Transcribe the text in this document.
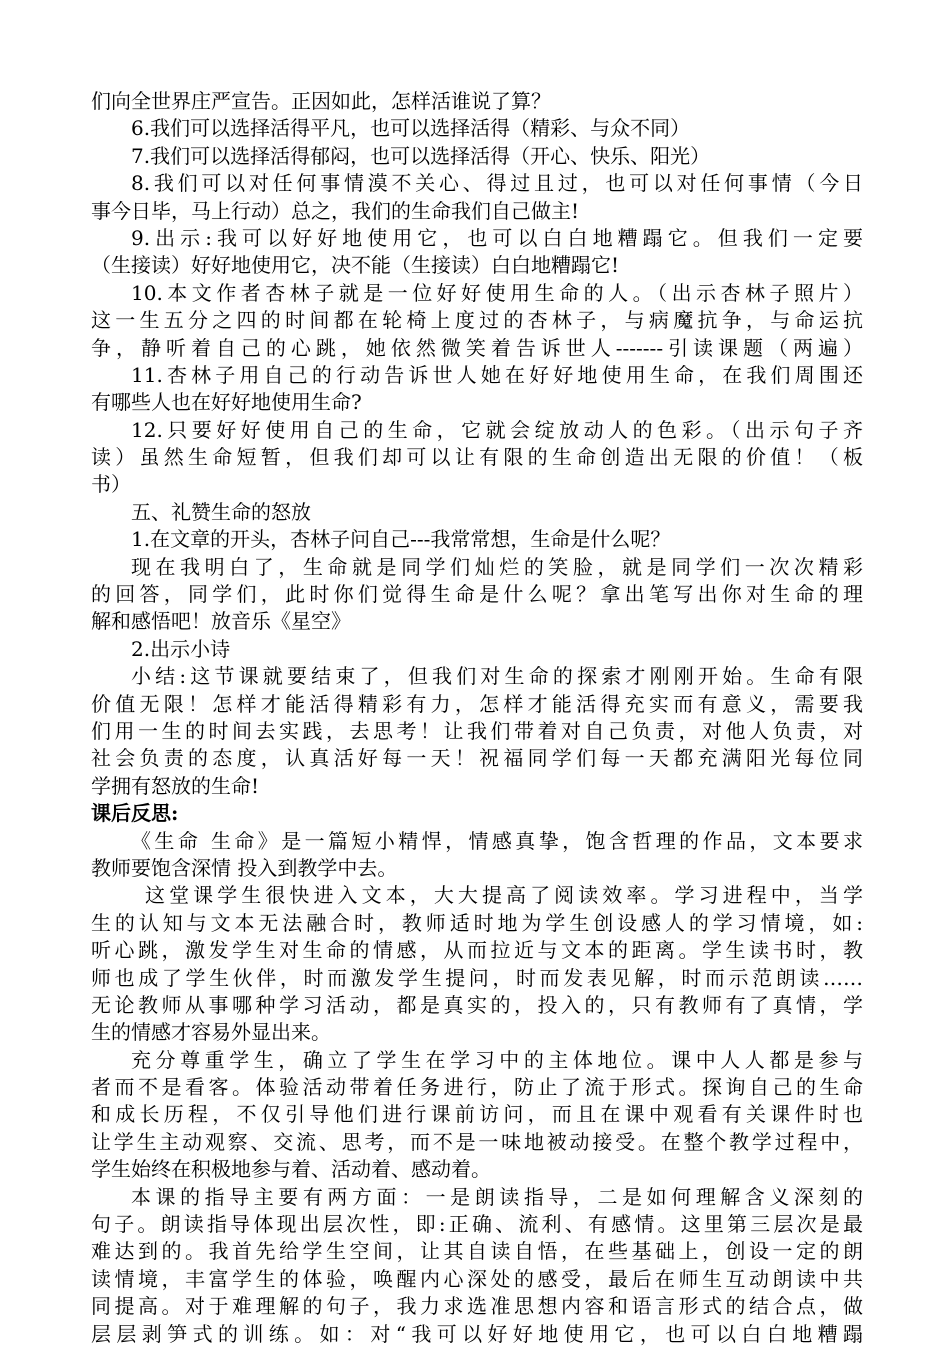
们向全世界庄严宣告。正因如此，怎样活谁说了算？
6.我们可以选择活得平凡，也可以选择活得（精彩、与众不同）
7.我们可以选择活得郁闷，也可以选择活得（开心、快乐、阳光）
8.我们可以对任何事情漠不关心、得过且过，也可以对任何事情（今日
事今日毕，马上行动）总之，我们的生命我们自己做主!
9.出示:我可以好好地使用它，也可以白白地糟蹋它。但我们一定要
（生接读）好好地使用它，决不能（生接读）白白地糟蹋它!
10.本文作者杏林子就是一位好好使用生命的人。（出示杏林子照片）
这一生五分之四的时间都在轮椅上度过的杏林子，与病魔抗争，与命运抗
争，静听着自己的心跳，她依然微笑着告诉世人-------引读课题（两遍）
11.杏林子用自己的行动告诉世人她在好好地使用生命，在我们周围还
有哪些人也在好好地使用生命?
12.只要好好使用自己的生命，它就会绽放动人的色彩。（出示句子齐
读）虽然生命短暂，但我们却可以让有限的生命创造出无限的价值！（板
书）
五、礼赞生命的怒放
1.在文章的开头，杏林子问自己---我常常想，生命是什么呢？
现在我明白了，生命就是同学们灿烂的笑脸，就是同学们一次次精彩
的回答，同学们，此时你们觉得生命是什么呢？拿出笔写出你对生命的理
解和感悟吧！放音乐《星空》
2.出示小诗
小结:这节课就要结束了，但我们对生命的探索才刚刚开始。生命有限
价值无限！怎样才能活得精彩有力，怎样才能活得充实而有意义，需要我
们用一生的时间去实践，去思考！让我们带着对自己负责，对他人负责，对
社会负责的态度，认真活好每一天！祝福同学们每一天都充满阳光每位同
学拥有怒放的生命!
课后反思:
《生命 生命》是一篇短小精悍，情感真挚，饱含哲理的作品，文本要求
教师要饱含深情 投入到教学中去。
这堂课学生很快进入文本，大大提高了阅读效率。学习进程中，当学
生的认知与文本无法融合时，教师适时地为学生创设感人的学习情境，如:
听心跳，激发学生对生命的情感，从而拉近与文本的距离。学生读书时，教
师也成了学生伙伴，时而激发学生提问，时而发表见解，时而示范朗读……
无论教师从事哪种学习活动，都是真实的，投入的，只有教师有了真情，学
生的情感才容易外显出来。
充分尊重学生，确立了学生在学习中的主体地位。课中人人都是参与
者而不是看客。体验活动带着任务进行，防止了流于形式。探询自己的生命
和成长历程，不仅引导他们进行课前访问，而且在课中观看有关课件时也
让学生主动观察、交流、思考，而不是一味地被动接受。在整个教学过程中，
学生始终在积极地参与着、活动着、感动着。
本课的指导主要有两方面：一是朗读指导，二是如何理解含义深刻的
句子。朗读指导体现出层次性，即:正确、流利、有感情。这里第三层次是最
难达到的。我首先给学生空间，让其自读自悟，在些基础上，创设一定的朗
读情境，丰富学生的体验，唤醒内心深处的感受，最后在师生互动朗读中共
同提高。对于难理解的句子，我力求选准思想内容和语言形式的结合点，做
层层剥笋式的训练。如：对“我可以好好地使用它，也可以白白地糟蹋
